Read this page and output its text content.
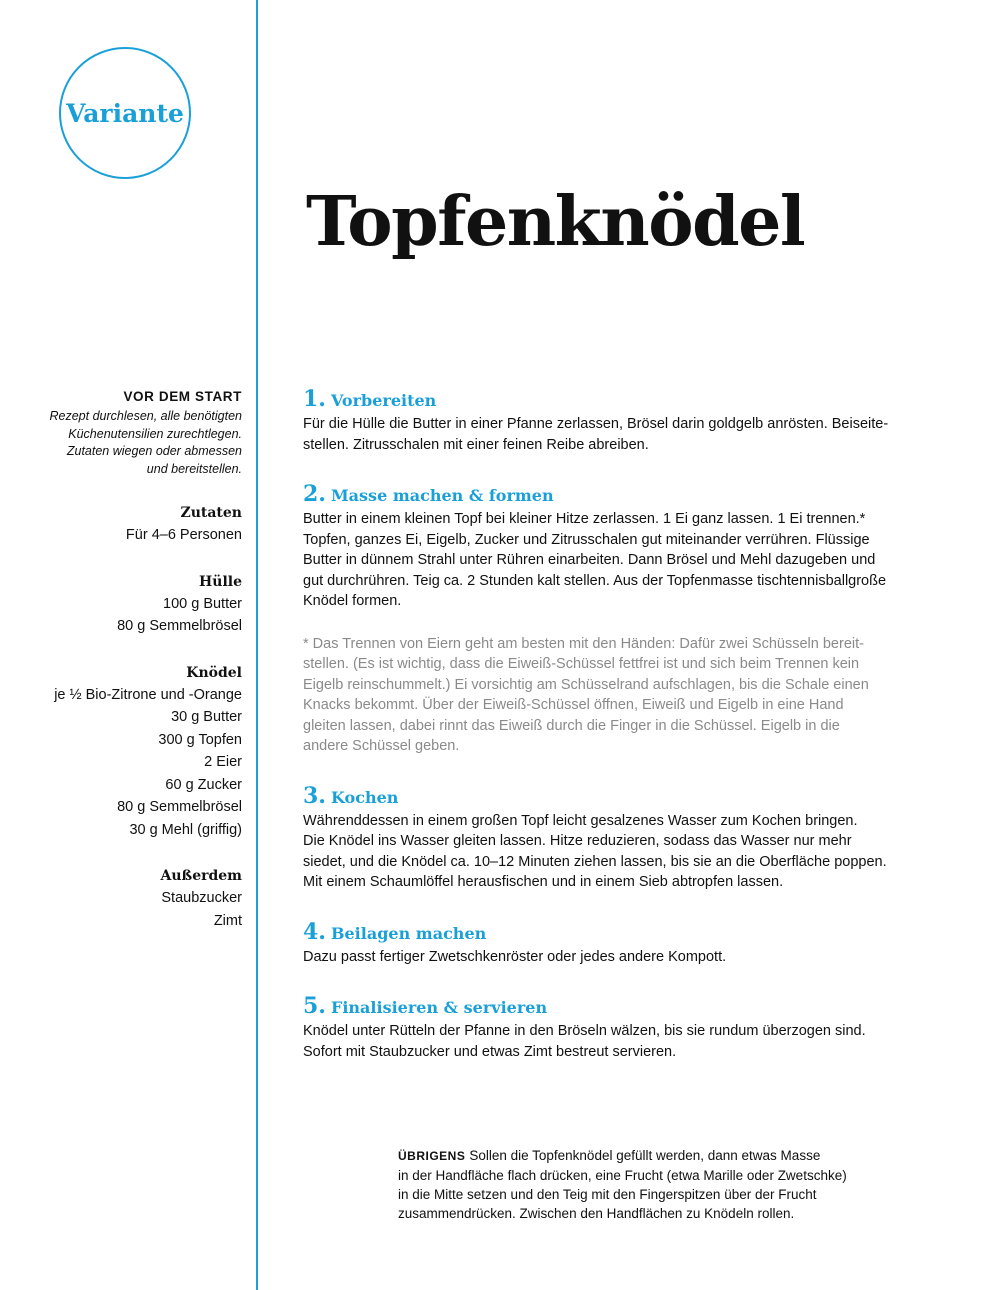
Variante
Topfenknödel
VOR DEM START
Rezept durchlesen, alle benötigten
Küchenutensilien zurechtlegen.
Zutaten wiegen oder abmessen
und bereitstellen.
Zutaten
Für 4–6 Personen
Hülle
100 g Butter
80 g Semmelbrösel
Knödel
je ½ Bio-Zitrone und -Orange
30 g Butter
300 g Topfen
2 Eier
60 g Zucker
80 g Semmelbrösel
30 g Mehl (griffig)
Außerdem
Staubzucker
Zimt
1. Vorbereiten

Für die Hülle die Butter in einer Pfanne zerlassen, Brösel darin goldgelb anrösten. Beiseite-
stellen. Zitrusschalen mit einer feinen Reibe abreiben.

2. Masse machen & formen

Butter in einem kleinen Topf bei kleiner Hitze zerlassen. 1 Ei ganz lassen. 1 Ei trennen.*
Topfen, ganzes Ei, Eigelb, Zucker und Zitrusschalen gut miteinander verrühren. Flüssige
Butter in dünnem Strahl unter Rühren einarbeiten. Dann Brösel und Mehl dazugeben und
gut durchrühren. Teig ca. 2 Stunden kalt stellen. Aus der Topfenmasse tischtennisballgroße
Knödel formen.

* Das Trennen von Eiern geht am besten mit den Händen: Dafür zwei Schüsseln bereit-
stellen. (Es ist wichtig, dass die Eiweiß-Schüssel fettfrei ist und sich beim Trennen kein
Eigelb reinschummelt.) Ei vorsichtig am Schüsselrand aufschlagen, bis die Schale einen
Knacks bekommt. Über der Eiweiß-Schüssel öffnen, Eiweiß und Eigelb in eine Hand
gleiten lassen, dabei rinnt das Eiweiß durch die Finger in die Schüssel. Eigelb in die
andere Schüssel geben.

3. Kochen

Währenddessen in einem großen Topf leicht gesalzenes Wasser zum Kochen bringen.
Die Knödel ins Wasser gleiten lassen. Hitze reduzieren, sodass das Wasser nur mehr
siedet, und die Knödel ca. 10–12 Minuten ziehen lassen, bis sie an die Oberfläche poppen.
Mit einem Schaumlöffel herausfischen und in einem Sieb abtropfen lassen.

4. Beilagen machen

Dazu passt fertiger Zwetschkenröster oder jedes andere Kompott.

5. Finalisieren & servieren

Knödel unter Rütteln der Pfanne in den Bröseln wälzen, bis sie rundum überzogen sind.
Sofort mit Staubzucker und etwas Zimt bestreut servieren.

ÜBRIGENS Sollen die Topfenknödel gefüllt werden, dann etwas Masse
in der Handfläche flach drücken, eine Frucht (etwa Marille oder Zwetschke)
in die Mitte setzen und den Teig mit den Fingerspitzen über der Frucht
zusammendrücken. Zwischen den Handflächen zu Knödeln rollen.
